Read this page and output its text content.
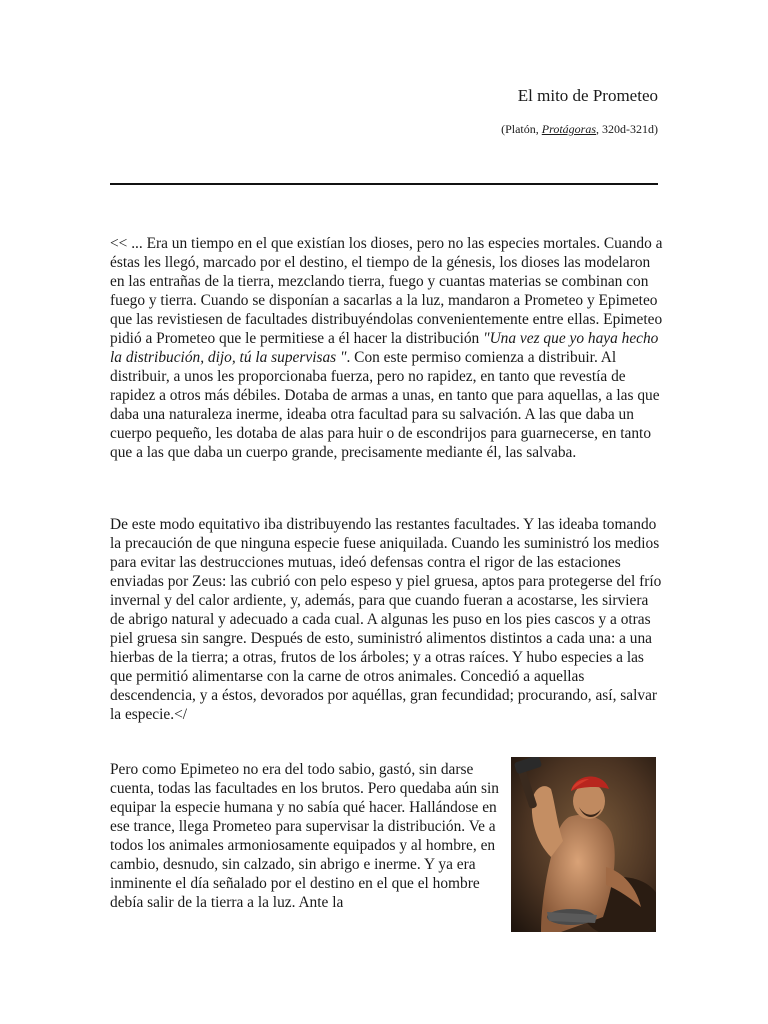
El mito de Prometeo
(Platón, Protágoras, 320d-321d)

<< ... Era un tiempo en el que existían los dioses, pero no las especies mortales. Cuando a éstas les llegó, marcado por el destino, el tiempo de la génesis, los dioses las modelaron en las entrañas de la tierra, mezclando tierra, fuego y cuantas materias se combinan con fuego y tierra. Cuando se disponían a sacarlas a la luz, mandaron a Prometeo y Epimeteo que las revistiesen de facultades distribuyéndolas convenientemente entre ellas. Epimeteo pidió a Prometeo que le permitiese a él hacer la distribución "Una vez que yo haya hecho la distribución, dijo, tú la supervisas ". Con este permiso comienza a distribuir. Al distribuir, a unos les proporcionaba fuerza, pero no rapidez, en tanto que revestía de rapidez a otros más débiles. Dotaba de armas a unas, en tanto que para aquellas, a las que daba una naturaleza inerme, ideaba otra facultad para su salvación. A las que daba un cuerpo pequeño, les dotaba de alas para huir o de escondrijos para guarnecerse, en tanto que a las que daba un cuerpo grande, precisamente mediante él, las salvaba.

De este modo equitativo iba distribuyendo las restantes facultades. Y las ideaba tomando la precaución de que ninguna especie fuese aniquilada. Cuando les suministró los medios para evitar las destrucciones mutuas, ideó defensas contra el rigor de las estaciones enviadas por Zeus: las cubrió con pelo espeso y piel gruesa, aptos para protegerse del frío invernal y del calor ardiente, y, además, para que cuando fueran a acostarse, les sirviera de abrigo natural y adecuado a cada cual. A algunas les puso en los pies cascos y a otras piel gruesa sin sangre. Después de esto, suministró alimentos distintos a cada una: a una hierbas de la tierra; a otras, frutos de los árboles; y a otras raíces. Y hubo especies a las que permitió alimentarse con la carne de otros animales. Concedió a aquellas descendencia, y a éstos, devorados por aquéllas, gran fecundidad; procurando, así, salvar la especie.</

Pero como Epimeteo no era del todo sabio, gastó, sin darse cuenta, todas las facultades en los brutos. Pero quedaba aún sin equipar la especie humana y no sabía qué hacer. Hallándose en ese trance, llega Prometeo para supervisar la distribución. Ve a todos los animales armoniosamente equipados y al hombre, en cambio, desnudo, sin calzado, sin abrigo e inerme. Y ya era inminente el día señalado por el destino en el que el hombre debía salir de la tierra a la luz. Ante la
